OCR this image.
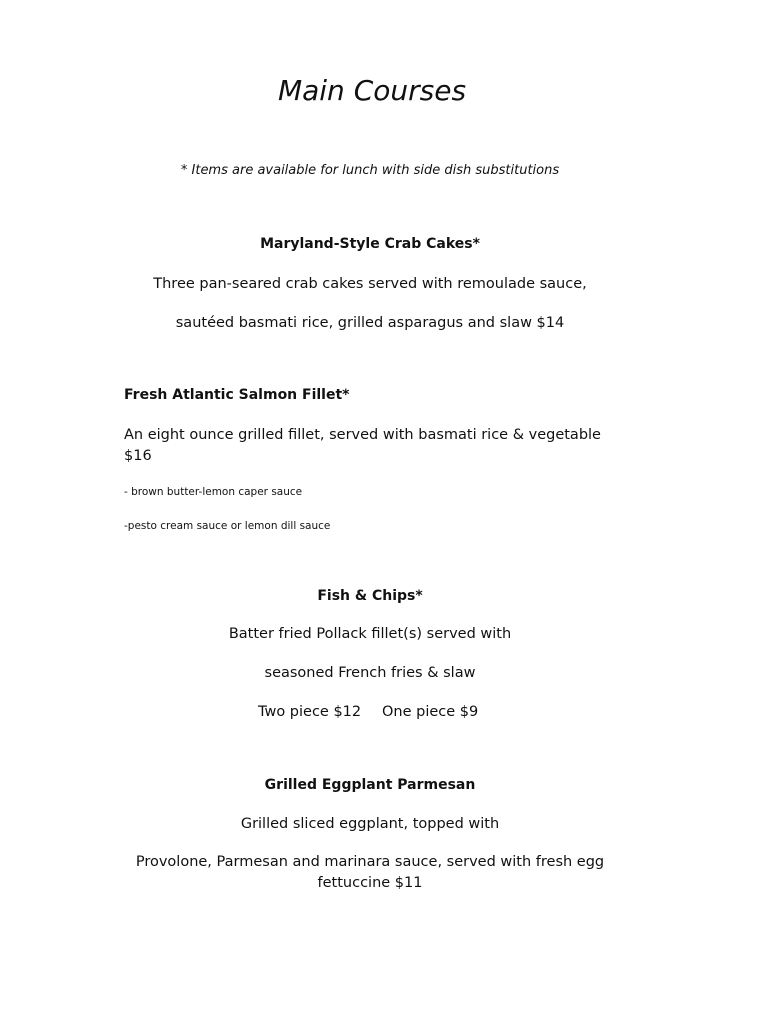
Main Courses
* Items are available for lunch with side dish substitutions
Maryland-Style Crab Cakes*
Three pan-seared crab cakes served with remoulade sauce,
sautéed basmati rice, grilled asparagus and slaw $14
Fresh Atlantic Salmon Fillet*
An eight ounce grilled fillet, served with basmati rice & vegetable
$16
- brown butter-lemon caper sauce
-pesto cream sauce or lemon dill sauce
Fish & Chips*
Batter fried Pollack fillet(s) served with
seasoned French fries & slaw
Two piece $12 One piece $9
Grilled Eggplant Parmesan
Grilled sliced eggplant, topped with
Provolone, Parmesan and marinara sauce, served with fresh egg
fettuccine $11
